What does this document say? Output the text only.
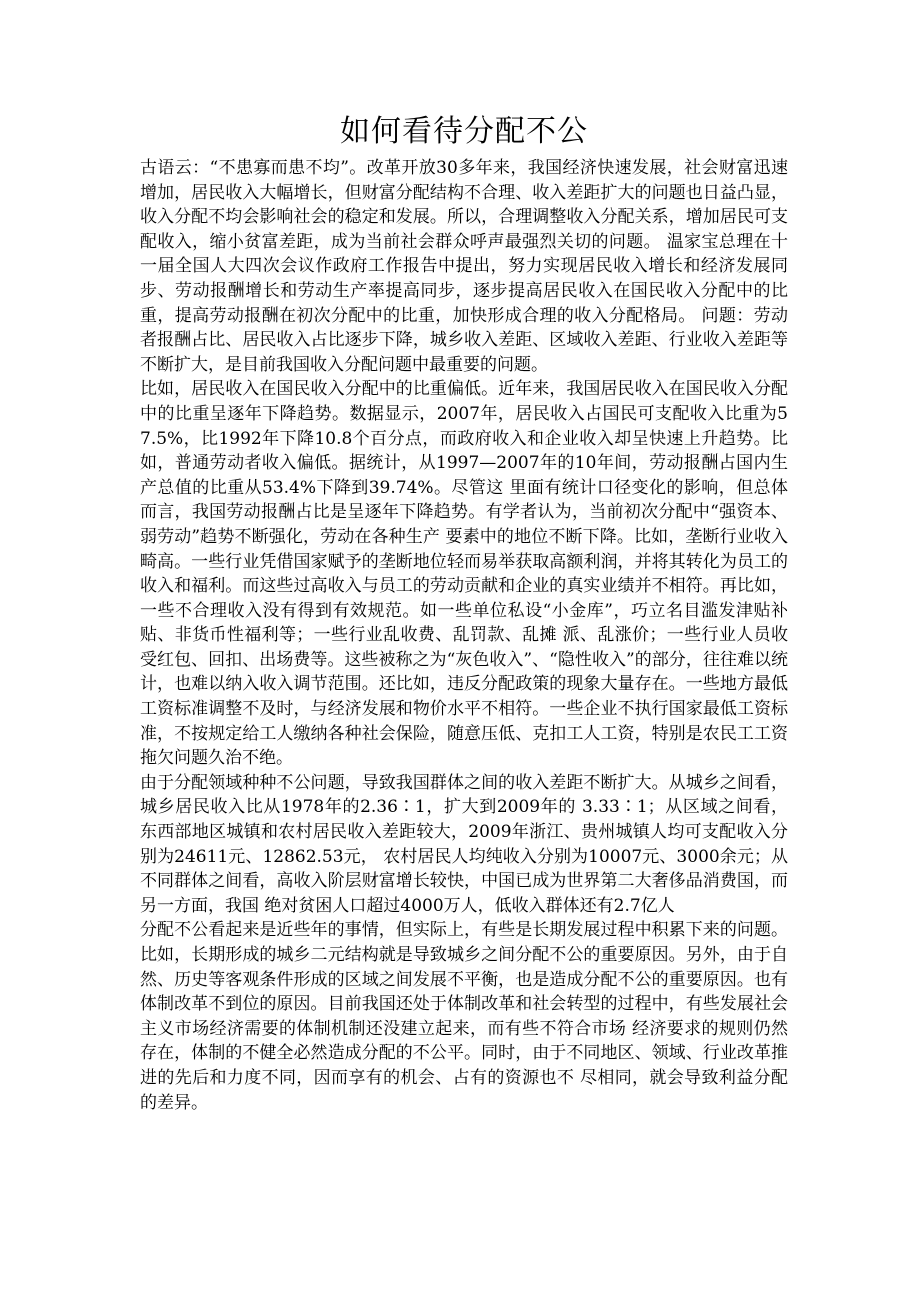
如何看待分配不公

古语云：“不患寡而患不均”。改革开放30多年来，我国经济快速发展，社会财富迅速增加，居民收入大幅增长，但财富分配结构不合理、收入差距扩大的问题也日益凸显，收入分配不均会影响社会的稳定和发展。所以，合理调整收入分配关系，增加居民可支配收入，缩小贫富差距，成为当前社会群众呼声最强烈关切的问题。 温家宝总理在十一届全国人大四次会议作政府工作报告中提出，努力实现居民收入增长和经济发展同步、劳动报酬增长和劳动生产率提高同步，逐步提高居民收入在国民收入分配中的比重，提高劳动报酬在初次分配中的比重，加快形成合理的收入分配格局。 问题：劳动者报酬占比、居民收入占比逐步下降，城乡收入差距、区域收入差距、行业收入差距等不断扩大，是目前我国收入分配问题中最重要的问题。

比如，居民收入在国民收入分配中的比重偏低。近年来，我国居民收入在国民收入分配中的比重呈逐年下降趋势。数据显示，2007年，居民收入占国民可支配收入比重为57.5%，比1992年下降10.8个百分点，而政府收入和企业收入却呈快速上升趋势。比如，普通劳动者收入偏低。据统计，从1997—2007年的10年间，劳动报酬占国内生产总值的比重从53.4%下降到39.74%。尽管这 里面有统计口径变化的影响，但总体而言，我国劳动报酬占比是呈逐年下降趋势。有学者认为，当前初次分配中“强资本、弱劳动”趋势不断强化，劳动在各种生产 要素中的地位不断下降。比如，垄断行业收入畸高。一些行业凭借国家赋予的垄断地位轻而易举获取高额利润，并将其转化为员工的收入和福利。而这些过高收入与员工的劳动贡献和企业的真实业绩并不相符。再比如，一些不合理收入没有得到有效规范。如一些单位私设“小金库”，巧立名目滥发津贴补贴、非货币性福利等；一些行业乱收费、乱罚款、乱摊 派、乱涨价；一些行业人员收受红包、回扣、出场费等。这些被称之为“灰色收入”、“隐性收入”的部分，往往难以统计，也难以纳入收入调节范围。还比如，违反分配政策的现象大量存在。一些地方最低工资标准调整不及时，与经济发展和物价水平不相符。一些企业不执行国家最低工资标准，不按规定给工人缴纳各种社会保险，随意压低、克扣工人工资，特别是农民工工资拖欠问题久治不绝。

由于分配领域种种不公问题，导致我国群体之间的收入差距不断扩大。从城乡之间看，城乡居民收入比从1978年的2.36∶1，扩大到2009年的 3.33∶1；从区域之间看，东西部地区城镇和农村居民收入差距较大，2009年浙江、贵州城镇人均可支配收入分别为24611元、12862.53元， 农村居民人均纯收入分别为10007元、3000余元；从不同群体之间看，高收入阶层财富增长较快，中国已成为世界第二大奢侈品消费国，而另一方面，我国 绝对贫困人口超过4000万人，低收入群体还有2.7亿人

分配不公看起来是近些年的事情，但实际上，有些是长期发展过程中积累下来的问题。比如，长期形成的城乡二元结构就是导致城乡之间分配不公的重要原因。另外，由于自然、历史等客观条件形成的区域之间发展不平衡，也是造成分配不公的重要原因。也有体制改革不到位的原因。目前我国还处于体制改革和社会转型的过程中，有些发展社会主义市场经济需要的体制机制还没建立起来，而有些不符合市场 经济要求的规则仍然存在，体制的不健全必然造成分配的不公平。同时，由于不同地区、领域、行业改革推进的先后和力度不同，因而享有的机会、占有的资源也不 尽相同，就会导致利益分配的差异。
